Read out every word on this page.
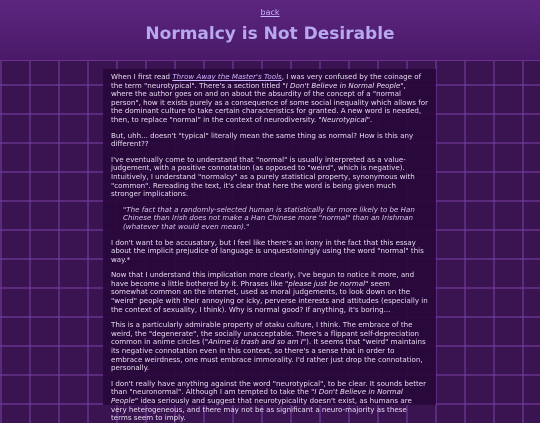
back
Normalcy is Not Desirable

When I first read Throw Away the Master's Tools, I was very confused by the coinage of the term "neurotypical". There's a section titled "I Don't Believe in Normal People", where the author goes on and on about the absurdity of the concept of a "normal person", how it exists purely as a consequence of some social inequality which allows for the dominant culture to take certain characteristics for granted. A new word is needed, then, to replace "normal" in the context of neurodiversity. "Neurotypical".

But, uhh... doesn't "typical" literally mean the same thing as normal? How is this any different??

I've eventually come to understand that "normal" is usually interpreted as a value-judgement, with a positive connotation (as opposed to "weird", which is negative). Intuitively, I understand "normalcy" as a purely statistical property, synonymous with "common". Rereading the text, it's clear that here the word is being given much stronger implications.

"The fact that a randomly-selected human is statistically far more likely to be Han Chinese than Irish does not make a Han Chinese more "normal" than an Irishman (whatever that would even mean)."

I don't want to be accusatory, but I feel like there's an irony in the fact that this essay about the implicit prejudice of language is unquestioningly using the word "normal" this way.*

Now that I understand this implication more clearly, I've begun to notice it more, and have become a little bothered by it. Phrases like "please just be normal" seem somewhat common on the internet, used as moral judgements, to look down on the "weird" people with their annoying or icky, perverse interests and attitudes (especially in the context of sexuality, I think). Why is normal good? If anything, it's boring...

This is a particularly admirable property of otaku culture, I think. The embrace of the weird, the "degenerate", the socially unacceptable. There's a flippant self-depreciation common in anime circles ("Anime is trash and so am I"). It seems that "weird" maintains its negative connotation even in this context, so there's a sense that in order to embrace weirdness, one must embrace immorality. I'd rather just drop the connotation, personally.

I don't really have anything against the word "neurotypical", to be clear. It sounds better than "neuronormal". Although I am tempted to take the "I Don't Believe in Normal People" idea seriously and suggest that neurotypicality doesn't exist, as humans are very heterogeneous, and there may not be as significant a neuro-majority as these terms seem to imply.
